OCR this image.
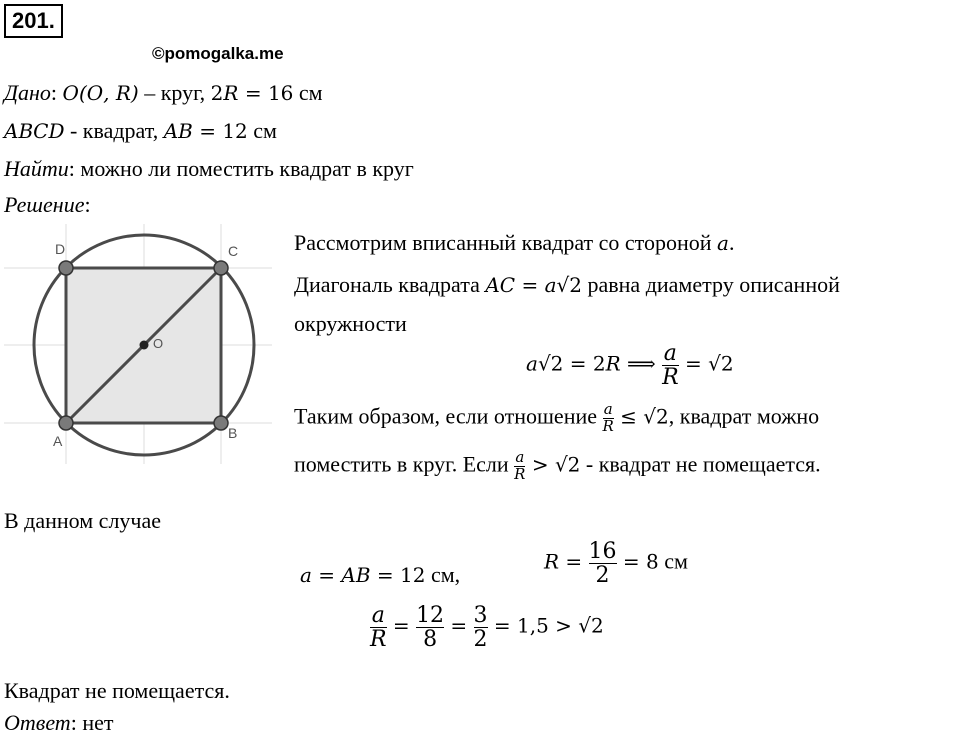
201.
©pomogalka.me
Дано: 𝑂(𝑂, 𝑅) – круг, 2𝑅 = 16 см
𝐴𝐵𝐶𝐷 - квадрат, 𝐴𝐵 = 12 см
Найти: можно ли поместить квадрат в круг
Решение:
D	C
A	B
O
Рассмотрим вписанный квадрат со стороной 𝑎.
Диагональ квадрата 𝐴𝐶 = 𝑎√2 равна диаметру описанной
окружности
𝑎√2 = 2𝑅 ⟹ $\frac{\text{𝑎}}{\text{𝑅}} = √2$
Таким образом, если отношение $\frac{\text{𝑎}}{\text{𝑅}} \le √2$, квадрат можно
поместить в круг. Если $\frac{\text{𝑎}}{\text{𝑅}} > √2$ - квадрат не помещается.
В данном случае
𝑎 = 𝐴𝐵 = 12 см,
𝑅 = $\frac{16}{2} = 8$ см
$\frac{\text{𝑎}}{\text{𝑅}} = \frac{12}{8} = \frac{3}{2} = 1,5 > √2$
Квадрат не помещается.
Ответ: нет
